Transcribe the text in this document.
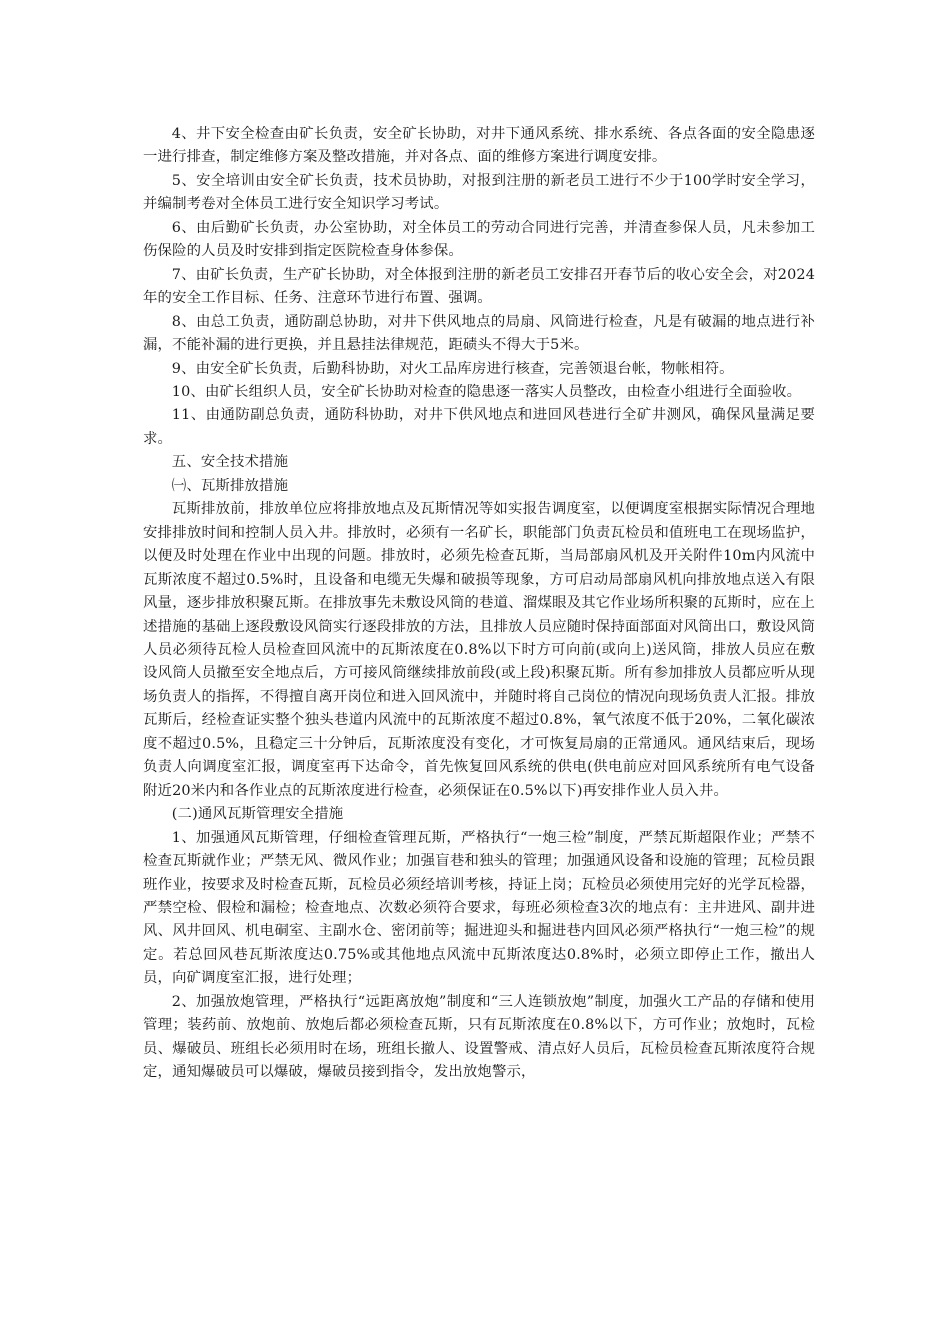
4、井下安全检查由矿长负责，安全矿长协助，对井下通风系统、排水系统、各点各面的安全隐患逐一进行排查，制定维修方案及整改措施，并对各点、面的维修方案进行调度安排。

5、安全培训由安全矿长负责，技术员协助，对报到注册的新老员工进行不少于100学时安全学习，并编制考卷对全体员工进行安全知识学习考试。

6、由后勤矿长负责，办公室协助，对全体员工的劳动合同进行完善，并清查参保人员，凡未参加工伤保险的人员及时安排到指定医院检查身体参保。

7、由矿长负责，生产矿长协助，对全体报到注册的新老员工安排召开春节后的收心安全会，对2024年的安全工作目标、任务、注意环节进行布置、强调。

8、由总工负责，通防副总协助，对井下供风地点的局扇、风筒进行检查，凡是有破漏的地点进行补漏，不能补漏的进行更换，并且悬挂法律规范，距碛头不得大于5米。

9、由安全矿长负责，后勤科协助，对火工品库房进行核查，完善领退台帐，物帐相符。

10、由矿长组织人员，安全矿长协助对检查的隐患逐一落实人员整改，由检查小组进行全面验收。

11、由通防副总负责，通防科协助，对井下供风地点和进回风巷进行全矿井测风，确保风量满足要求。

五、安全技术措施

㈠、瓦斯排放措施

瓦斯排放前，排放单位应将排放地点及瓦斯情况等如实报告调度室，以便调度室根据实际情况合理地安排排放时间和控制人员入井。排放时，必须有一名矿长，职能部门负责瓦检员和值班电工在现场监护，以便及时处理在作业中出现的问题。排放时，必须先检查瓦斯，当局部扇风机及开关附件10m内风流中瓦斯浓度不超过0.5%时，且设备和电缆无失爆和破损等现象，方可启动局部扇风机向排放地点送入有限风量，逐步排放积聚瓦斯。在排放事先未敷设风筒的巷道、溜煤眼及其它作业场所积聚的瓦斯时，应在上述措施的基础上逐段敷设风筒实行逐段排放的方法，且排放人员应随时保持面部面对风筒出口，敷设风筒人员必须待瓦检人员检查回风流中的瓦斯浓度在0.8%以下时方可向前(或向上)送风筒，排放人员应在敷设风筒人员撤至安全地点后，方可接风筒继续排放前段(或上段)积聚瓦斯。所有参加排放人员都应听从现场负责人的指挥，不得擅自离开岗位和进入回风流中，并随时将自己岗位的情况向现场负责人汇报。排放瓦斯后，经检查证实整个独头巷道内风流中的瓦斯浓度不超过0.8%，氧气浓度不低于20%，二氧化碳浓度不超过0.5%，且稳定三十分钟后，瓦斯浓度没有变化，才可恢复局扇的正常通风。通风结束后，现场负责人向调度室汇报，调度室再下达命令，首先恢复回风系统的供电(供电前应对回风系统所有电气设备附近20米内和各作业点的瓦斯浓度进行检查，必须保证在0.5%以下)再安排作业人员入井。

(二)通风瓦斯管理安全措施

1、加强通风瓦斯管理，仔细检查管理瓦斯，严格执行“一炮三检”制度，严禁瓦斯超限作业；严禁不检查瓦斯就作业；严禁无风、微风作业；加强盲巷和独头的管理；加强通风设备和设施的管理；瓦检员跟班作业，按要求及时检查瓦斯，瓦检员必须经培训考核，持证上岗；瓦检员必须使用完好的光学瓦检器，严禁空检、假检和漏检；检查地点、次数必须符合要求，每班必须检查3次的地点有：主井进风、副井进风、风井回风、机电硐室、主副水仓、密闭前等；掘进迎头和掘进巷内回风必须严格执行“一炮三检”的规定。若总回风巷瓦斯浓度达0.75%或其他地点风流中瓦斯浓度达0.8%时，必须立即停止工作，撤出人员，向矿调度室汇报，进行处理；

2、加强放炮管理，严格执行“远距离放炮”制度和“三人连锁放炮”制度，加强火工产品的存储和使用管理；装药前、放炮前、放炮后都必须检查瓦斯，只有瓦斯浓度在0.8%以下，方可作业；放炮时，瓦检员、爆破员、班组长必须用时在场，班组长撤人、设置警戒、清点好人员后，瓦检员检查瓦斯浓度符合规定，通知爆破员可以爆破，爆破员接到指令，发出放炮警示，
